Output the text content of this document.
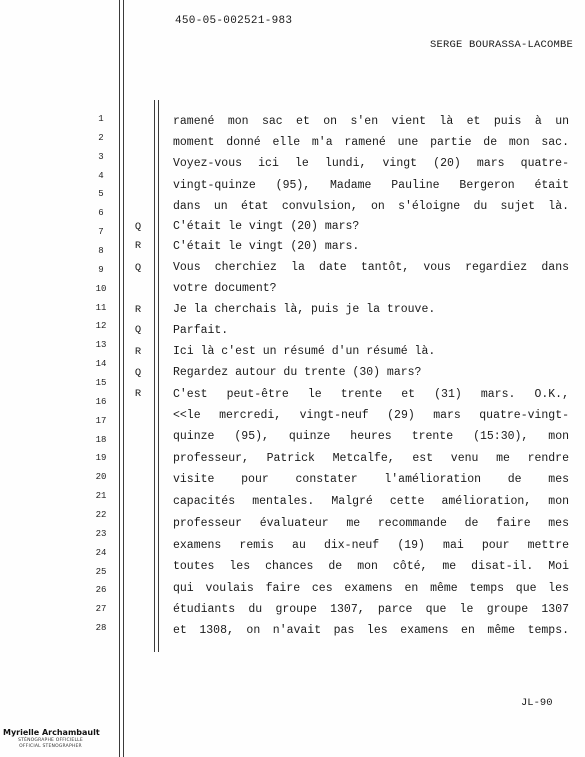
450-05-002521-983
SERGE BOURASSA-LACOMBE
1
2
3
4
5
6
7
8
9
10
11
12
13
14
15
16
17
18
19
20
21
22
23
24
25
26
27
28
Q
R
Q
R
Q
R
Q
R
ramené mon sac et on s'en vient là et puis à un
moment donné elle m'a ramené une partie de mon sac.
Voyez-vous ici le lundi, vingt (20) mars quatre-
vingt-quinze (95), Madame Pauline Bergeron était
dans un état convulsion, on s'éloigne du sujet là.
C'était le vingt (20) mars?
C'était le vingt (20) mars.
Vous cherchiez la date tantôt, vous regardiez dans
votre document?
Je la cherchais là, puis je la trouve.
Parfait.
Ici là c'est un résumé d'un résumé là.
Regardez autour du trente (30) mars?
C'est peut-être le trente et (31) mars. O.K.,
<<le mercredi, vingt-neuf (29) mars quatre-vingt-
quinze (95), quinze heures trente (15:30), mon
professeur, Patrick Metcalfe, est venu me rendre
visite pour constater l'amélioration de mes
capacités mentales. Malgré cette amélioration, mon
professeur évaluateur me recommande de faire mes
examens remis au dix-neuf (19) mai pour mettre
toutes les chances de mon côté, me disat-il. Moi
qui voulais faire ces examens en même temps que les
étudiants du groupe 1307, parce que le groupe 1307
et 1308, on n'avait pas les examens en même temps.
JL-90
Myrielle Archambault
STÉNOGRAPHE OFFICIELLE
OFFICIAL STENOGRAPHER
